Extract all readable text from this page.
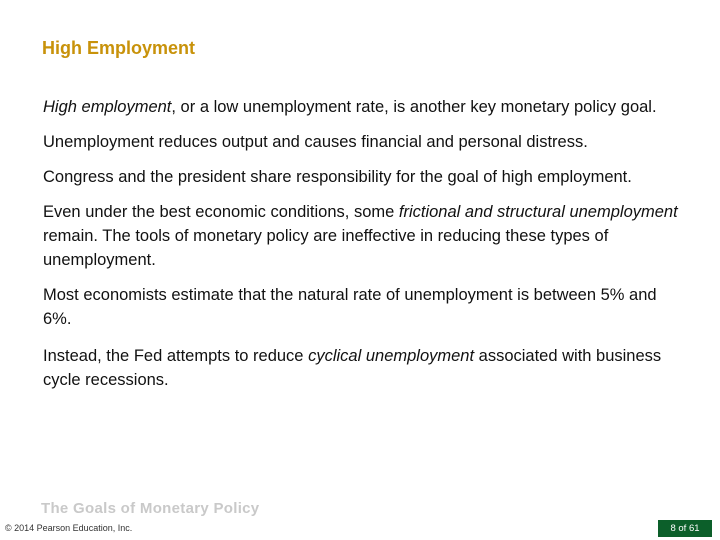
High Employment

High employment, or a low unemployment rate, is another key monetary policy goal.

Unemployment reduces output and causes financial and personal distress.

Congress and the president share responsibility for the goal of high employment.

Even under the best economic conditions, some frictional and structural unemployment remain. The tools of monetary policy are ineffective in reducing these types of unemployment.

Most economists estimate that the natural rate of unemployment is between 5% and 6%.

Instead, the Fed attempts to reduce cyclical unemployment associated with business cycle recessions.

The Goals of Monetary Policy
© 2014 Pearson Education, Inc.	8 of 61
